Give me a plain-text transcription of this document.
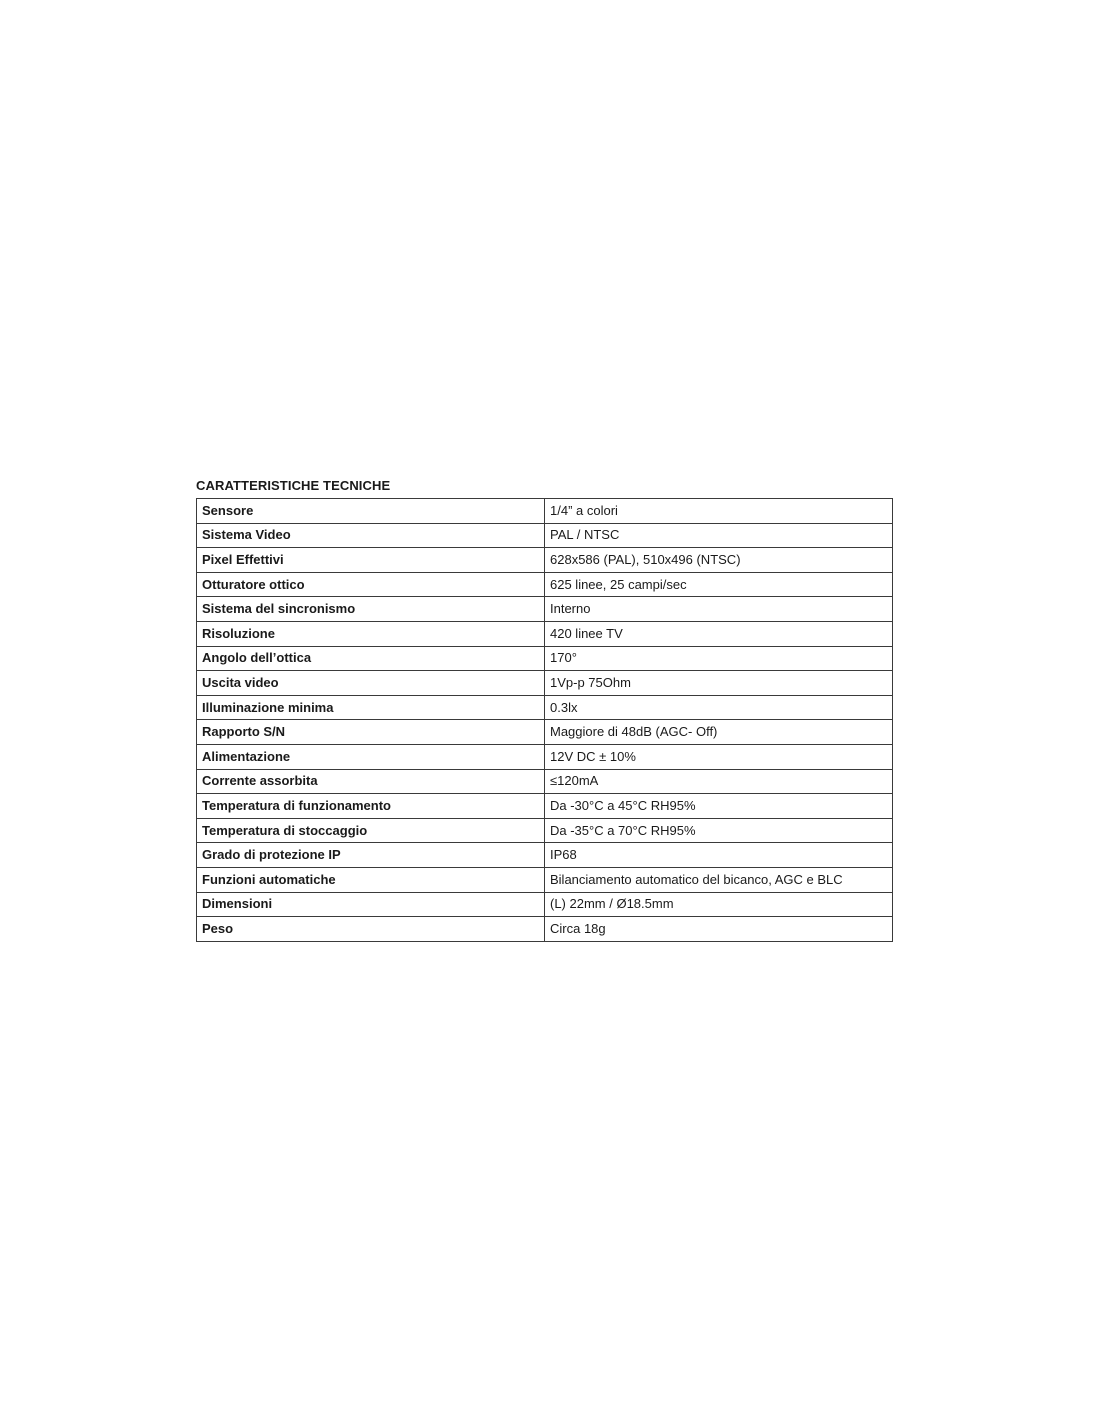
CARATTERISTICHE TECNICHE
Sensore	1/4” a colori
Sistema Video	PAL / NTSC
Pixel Effettivi	628x586 (PAL), 510x496 (NTSC)
Otturatore ottico	625 linee, 25 campi/sec
Sistema del sincronismo	Interno
Risoluzione	420 linee TV
Angolo dell’ottica	170°
Uscita video	1Vp-p 75Ohm
Illuminazione minima	0.3lx
Rapporto S/N	Maggiore di 48dB (AGC- Off)
Alimentazione	12V DC ± 10%
Corrente assorbita	≤120mA
Temperatura di funzionamento	Da -30°C a 45°C RH95%
Temperatura di stoccaggio	Da -35°C a 70°C RH95%
Grado di protezione IP	IP68
Funzioni automatiche	Bilanciamento automatico del bicanco, AGC e BLC
Dimensioni	(L) 22mm / Ø18.5mm
Peso	Circa 18g
